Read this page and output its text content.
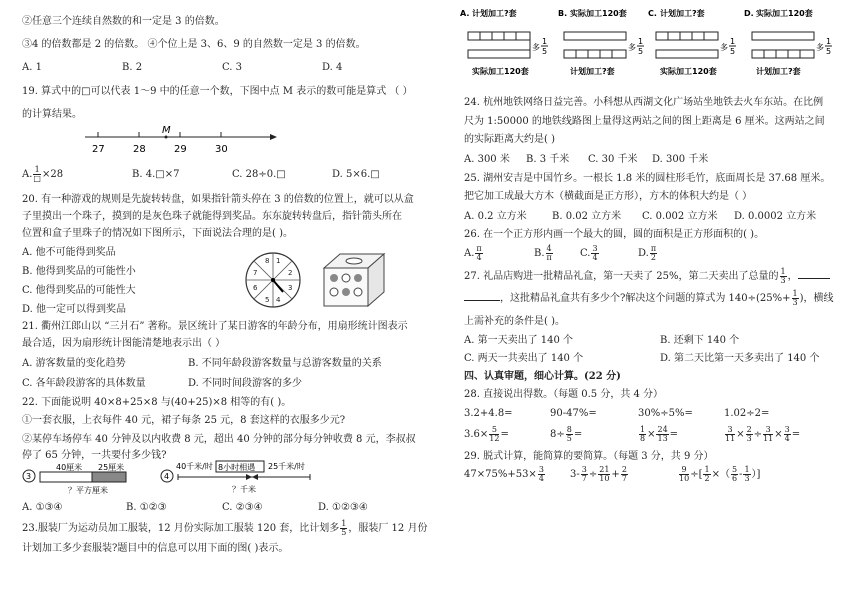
②任意三个连续自然数的和一定是 3 的倍数。
③4 的倍数都是 2 的倍数。 ④个位上是 3、6、9 的自然数一定是 3 的倍数。
A. 1	B. 2	C. 3	D. 4
19. 算式中的□可以代表 1～9 中的任意一个数，下图中点 M 表示的数可能是算式 （ ）
的计算结果。
M
27	28	29	30
A. $\frac{1}{□} \times 28$	B. 4.□×7	C. 28÷0.□	D. 5×6.□
20. 有一种游戏的规则是先旋转转盘，如果指针箭头停在 3 的倍数的位置上，就可以从盒
子里摸出一个珠子，摸到的是灰色珠子就能得到奖品。东东旋转转盘后，指针箭头所在
位置和盒子里珠子的情况如下图所示，下面说法合理的是( )。
A. 他不可能得到奖品
B. 他得到奖品的可能性小
C. 他得到奖品的可能性大
D. 他一定可以得到奖品
1
2
3
4
5
6
7
8
21. 衢州江郎山以 “三爿石” 著称。景区统计了某日游客的年龄分布，用扇形统计图表示
最合适，因为扇形统计图能清楚地表示出（ ）
A. 游客数量的变化趋势	B. 不同年龄段游客数量与总游客数量的关系
C. 各年龄段游客的具体数量	D. 不同时间段游客的多少
22. 下面能说明 40×8+25×8 与(40+25)×8 相等的有( )。
①一套衣服，上衣每件 40 元，裙子每条 25 元，8 套这样的衣服多少元?
②某停车场停车 40 分钟及以内收费 8 元，超出 40 分钟的部分每分钟收费 8 元，李叔叔
停了 65 分钟，一共要付多少钱?
3
40厘米 25厘米
？平方厘米
4
40千米/时 8小时相遇 25千米/时
？千米
A. ①③④	B. ①②③	C. ②③④	D. ①②③④
23.服装厂为运动员加工服装，12 月份实际加工服装 120 套，比计划多 $\frac{1}{5}$ ，服装厂 12 月份
计划加工多少套服装?题目中的信息可以用下面的图( )表示。
A. 计划加工?套	B. 实际加工120套	C. 计划加工?套	D. 实际加工120套
实际加工120套	计划加工?套	实际加工120套	计划加工?套
多
1
5	多
1
5	多
1
5	多
1
5
24. 杭州地铁网络日益完善。小科想从西湖文化广场站坐地铁去火车东站。在比例
尺为 1:50000 的地铁线路图上量得这两站之间的图上距离是 6 厘米。这两站之间
的实际距离大约是( )
A. 300 米 B. 3 千米 C. 30 千米 D. 300 千米
25. 湖州安吉是中国竹乡。一根长 1.8 米的圆柱形毛竹，底面周长是 37.68 厘米。
把它加工成最大方木（横截面是正方形），方木的体积大约是（ ）
A. 0.2 立方米	B. 0.02 立方米 C. 0.002 立方米 D. 0.0002 立方米
26. 在一个正方形内画一个最大的圆，圆的面积是正方形面积的( )。
A. $\frac{\pi}{4}$	B. $\frac{4}{\pi}$	C. $\frac{3}{4}$	D. $\frac{\pi}{2}$
27. 礼品店购进一批精品礼盒，第一天卖了 25%，第二天卖出了总量的 $\frac{1}{3}$ ，
，这批精品礼盒共有多少个?解决这个问题的算式为 $140\div(25\%+ \frac{1}{3}$ )，横线
上需补充的条件是( )。
A. 第一天卖出了 140 个	B. 还剩下 140 个
C. 两天一共卖出了 140 个	D. 第二天比第一天多卖出了 140 个
四、认真审题，细心计算。(22 分)
28. 直接说出得数。（每题 0.5 分，共 4 分）
3.2+4.8=	90-47%=	30%÷5%=	1.02÷2=
$3.6\times \frac{5}{12}$ =	$8\div \frac{8}{5}$ =	$\frac{1}{8} \times \frac{24}{13}$ =	$\frac{3}{11} \times \frac{2}{3} \div \frac{3}{11} \times \frac{3}{4}$ =
29. 脱式计算，能简算的要简算。（每题 3 分，共 9 分）
$47\times 75\%+53\times \frac{3}{4}$	$3- \frac{3}{7} \div \frac{21}{10} + \frac{2}{7}$	$\frac{9}{10}$ ÷[ $\frac{1}{2}$ ×（ $\frac{5}{6} - \frac{1}{3}$ ）]
